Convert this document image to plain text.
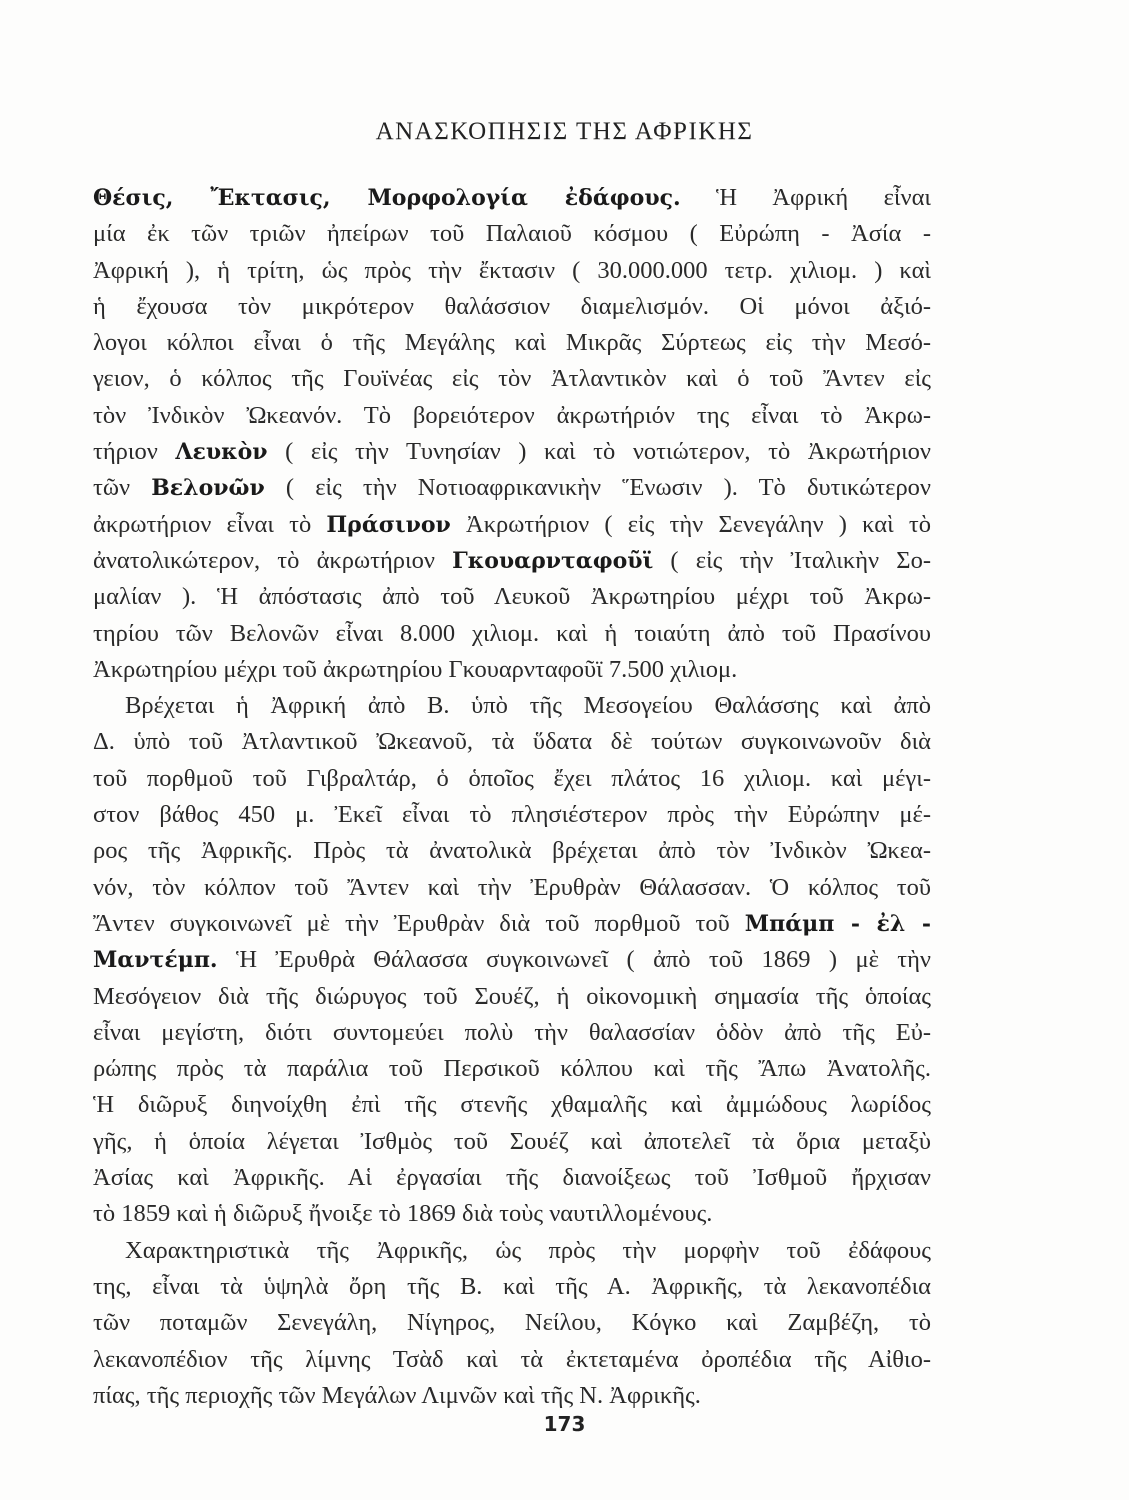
ΑΝΑΣΚΟΠΗΣΙΣ ΤΗΣ ΑΦΡΙΚΗΣ
Θέσις, Ἔκτασις, Μορφολογία ἐδάφους. Ἡ Ἀφρική εἶναι
μία ἐκ τῶν τριῶν ἠπείρων τοῦ Παλαιοῦ κόσμου ( Εὐρώπη - Ἀσία -
Ἀφρική ), ἡ τρίτη, ὡς πρὸς τὴν ἔκτασιν ( 30.000.000 τετρ. χιλιομ. ) καὶ
ἡ ἔχουσα τὸν μικρότερον θαλάσσιον διαμελισμόν. Οἱ μόνοι ἀξιό-
λογοι κόλποι εἶναι ὁ τῆς Μεγάλης καὶ Μικρᾶς Σύρτεως εἰς τὴν Μεσό-
γειον, ὁ κόλπος τῆς Γουϊνέας εἰς τὸν Ἀτλαντικὸν καὶ ὁ τοῦ Ἄντεν εἰς
τὸν Ἰνδικὸν Ὠκεανόν. Τὸ βορειότερον ἀκρωτήριόν της εἶναι τὸ Ἀκρω-
τήριον Λευκὸν ( εἰς τὴν Τυνησίαν ) καὶ τὸ νοτιώτερον, τὸ Ἀκρωτήριον
τῶν Βελονῶν ( εἰς τὴν Νοτιοαφρικανικὴν Ἕνωσιν ). Τὸ δυτικώτερον
ἀκρωτήριον εἶναι τὸ Πράσινον Ἀκρωτήριον ( εἰς τὴν Σενεγάλην ) καὶ τὸ
ἀνατολικώτερον, τὸ ἀκρωτήριον Γκουαρνταφοῦϊ ( εἰς τὴν Ἰταλικὴν Σο-
μαλίαν ). Ἡ ἀπόστασις ἀπὸ τοῦ Λευκοῦ Ἀκρωτηρίου μέχρι τοῦ Ἀκρω-
τηρίου τῶν Βελονῶν εἶναι 8.000 χιλιομ. καὶ ἡ τοιαύτη ἀπὸ τοῦ Πρασίνου
Ἀκρωτηρίου μέχρι τοῦ ἀκρωτηρίου Γκουαρνταφοῦϊ 7.500 χιλιομ.
Βρέχεται ἡ Ἀφρική ἀπὸ Β. ὑπὸ τῆς Μεσογείου Θαλάσσης καὶ ἀπὸ
Δ. ὑπὸ τοῦ Ἀτλαντικοῦ Ὠκεανοῦ, τὰ ὕδατα δὲ τούτων συγκοινωνοῦν διὰ
τοῦ πορθμοῦ τοῦ Γιβραλτάρ, ὁ ὁποῖος ἔχει πλάτος 16 χιλιομ. καὶ μέγι-
στον βάθος 450 μ. Ἐκεῖ εἶναι τὸ πλησιέστερον πρὸς τὴν Εὐρώπην μέ-
ρος τῆς Ἀφρικῆς. Πρὸς τὰ ἀνατολικὰ βρέχεται ἀπὸ τὸν Ἰνδικὸν Ὠκεα-
νόν, τὸν κόλπον τοῦ Ἄντεν καὶ τὴν Ἐρυθρὰν Θάλασσαν. Ὁ κόλπος τοῦ
Ἄντεν συγκοινωνεῖ μὲ τὴν Ἐρυθρὰν διὰ τοῦ πορθμοῦ τοῦ Μπάμπ - ἐλ -
Μαντέμπ. Ἡ Ἐρυθρὰ Θάλασσα συγκοινωνεῖ ( ἀπὸ τοῦ 1869 ) μὲ τὴν
Μεσόγειον διὰ τῆς διώρυγος τοῦ Σουέζ, ἡ οἰκονομικὴ σημασία τῆς ὁποίας
εἶναι μεγίστη, διότι συντομεύει πολὺ τὴν θαλασσίαν ὁδὸν ἀπὸ τῆς Εὐ-
ρώπης πρὸς τὰ παράλια τοῦ Περσικοῦ κόλπου καὶ τῆς Ἄπω Ἀνατολῆς.
Ἡ διῶρυξ διηνοίχθη ἐπὶ τῆς στενῆς χθαμαλῆς καὶ ἀμμώδους λωρίδος
γῆς, ἡ ὁποία λέγεται Ἰσθμὸς τοῦ Σουέζ καὶ ἀποτελεῖ τὰ ὅρια μεταξὺ
Ἀσίας καὶ Ἀφρικῆς. Αἱ ἐργασίαι τῆς διανοίξεως τοῦ Ἰσθμοῦ ἤρχισαν
τὸ 1859 καὶ ἡ διῶρυξ ἤνοιξε τὸ 1869 διὰ τοὺς ναυτιλλομένους.
Χαρακτηριστικὰ τῆς Ἀφρικῆς, ὡς πρὸς τὴν μορφὴν τοῦ ἐδάφους
της, εἶναι τὰ ὑψηλὰ ὄρη τῆς Β. καὶ τῆς Α. Ἀφρικῆς, τὰ λεκανοπέδια
τῶν ποταμῶν Σενεγάλη, Νίγηρος, Νείλου, Κόγκο καὶ Ζαμβέζη, τὸ
λεκανοπέδιον τῆς λίμνης Τσὰδ καὶ τὰ ἐκτεταμένα ὀροπέδια τῆς Αἰθιο-
πίας, τῆς περιοχῆς τῶν Μεγάλων Λιμνῶν καὶ τῆς Ν. Ἀφρικῆς.
173
